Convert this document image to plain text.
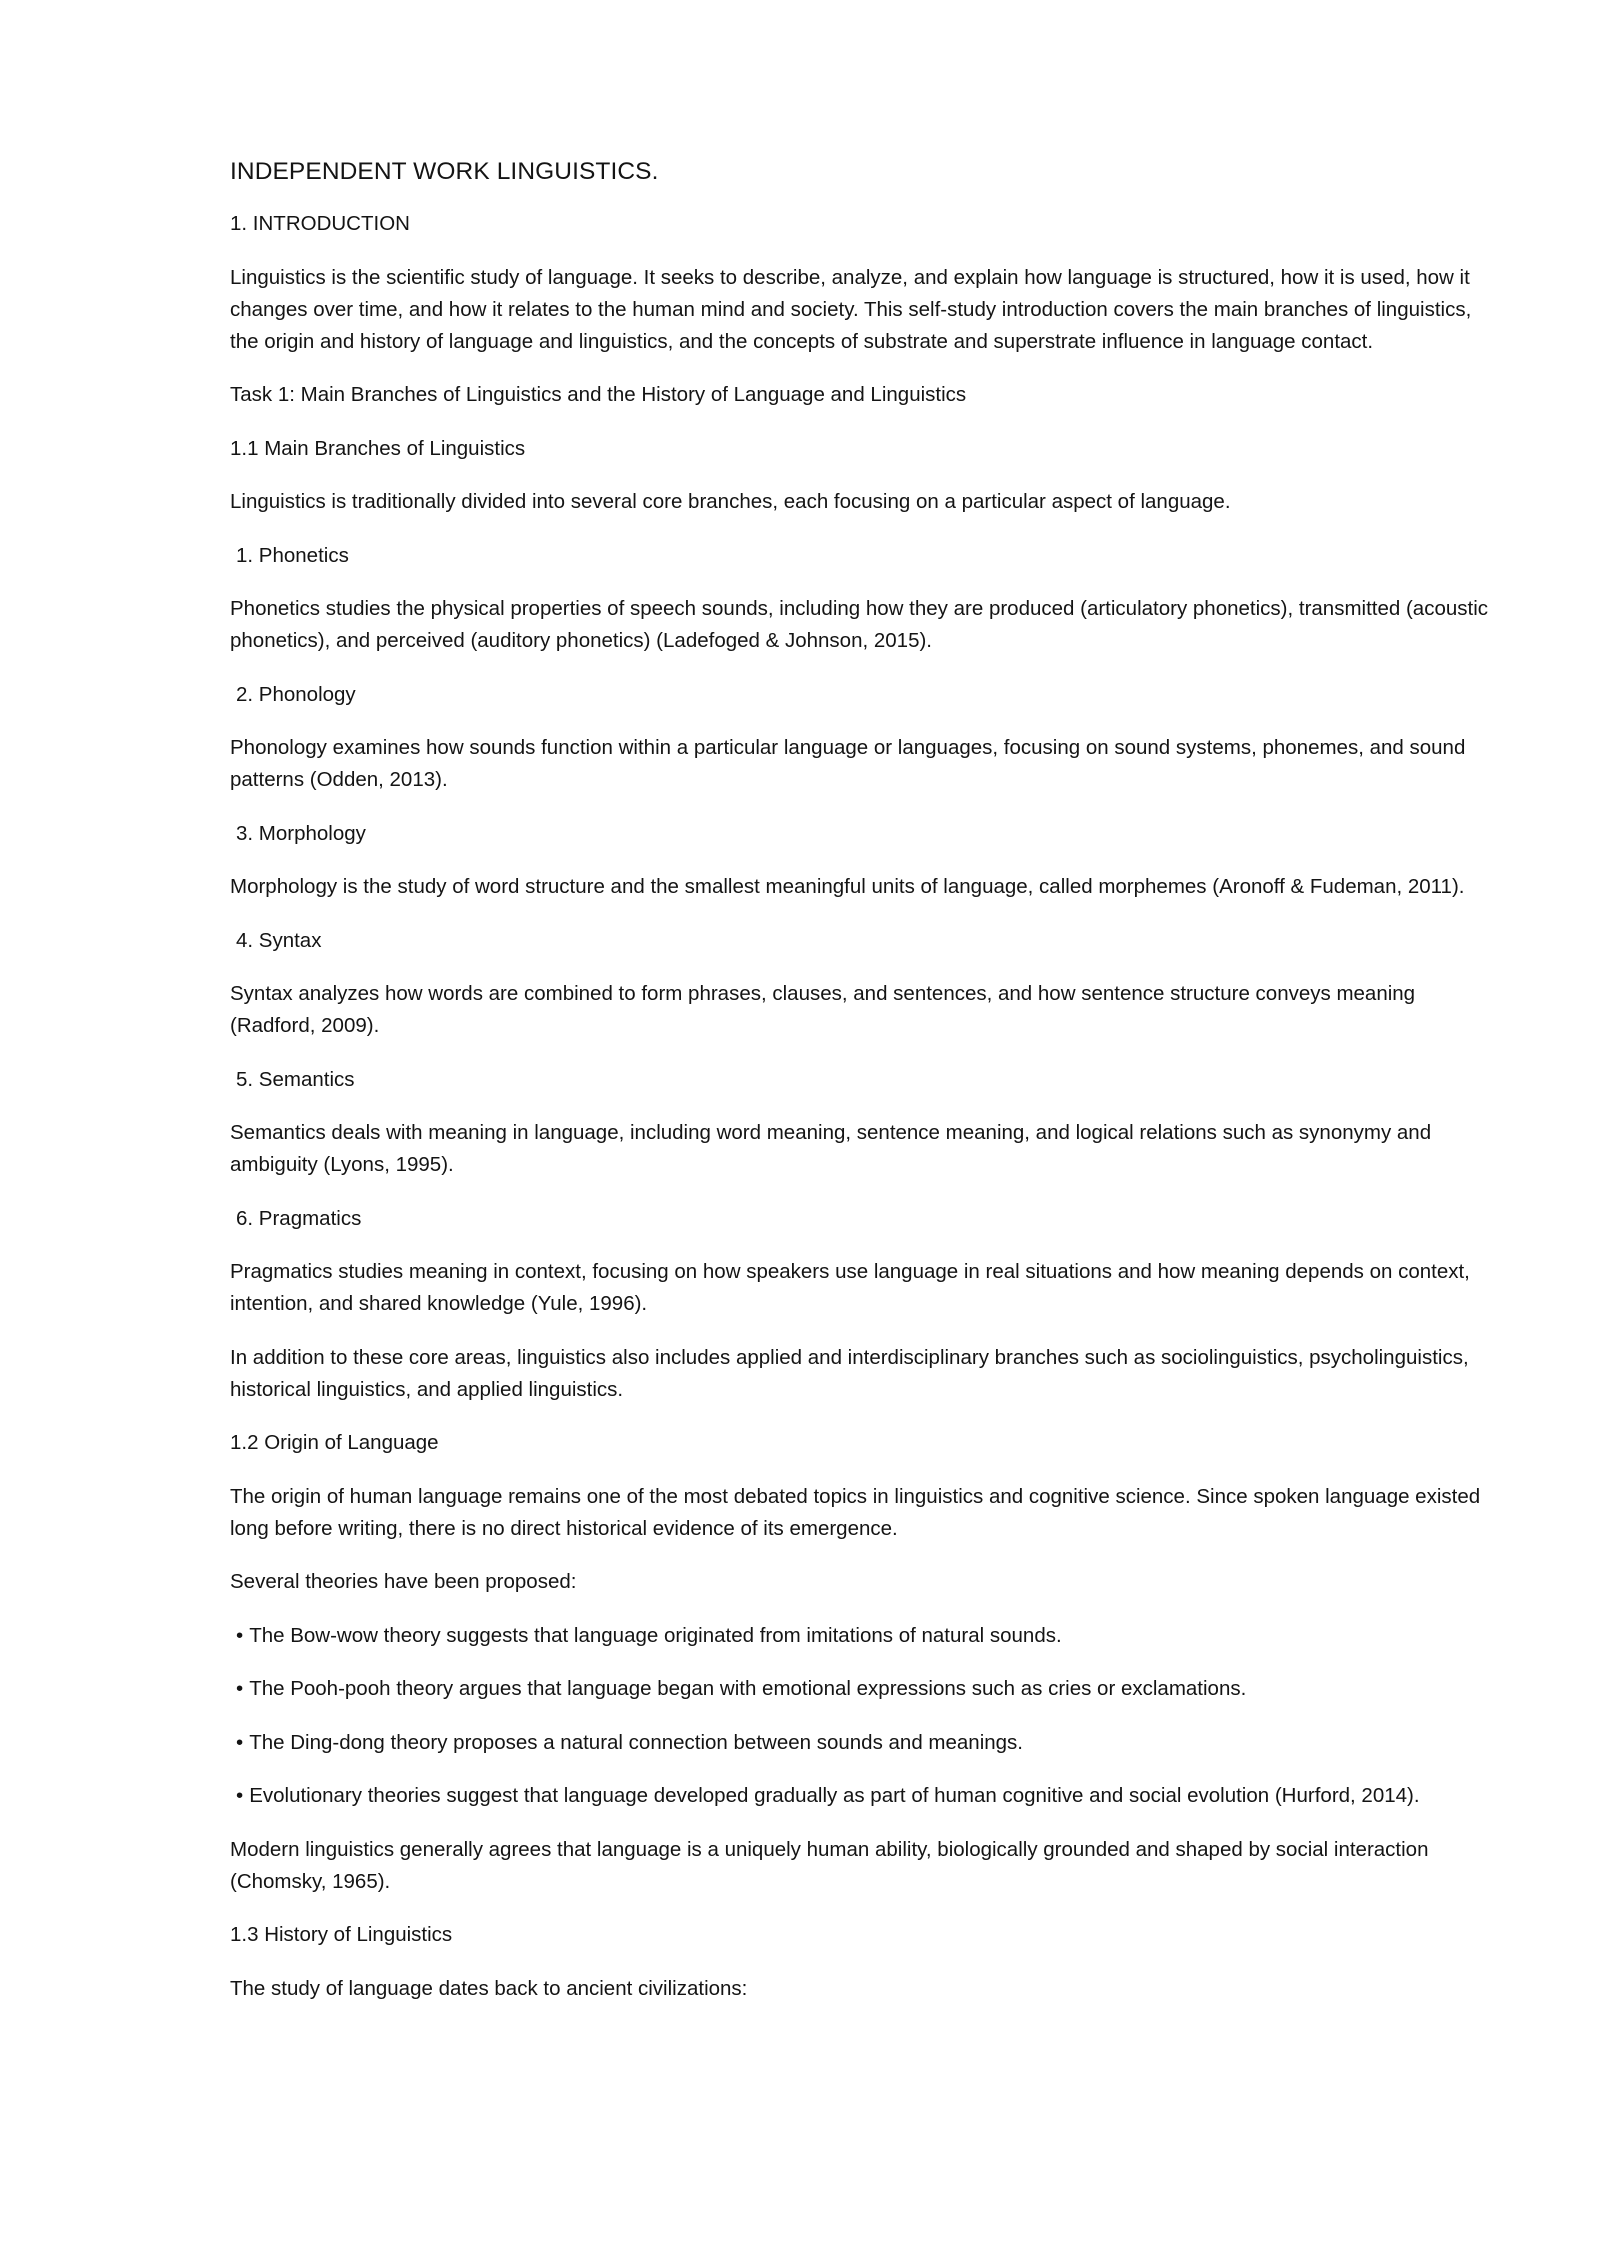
INDEPENDENT WORK LINGUISTICS.

1. INTRODUCTION

Linguistics is the scientific study of language. It seeks to describe, analyze, and explain how language is structured, how it is used, how it changes over time, and how it relates to the human mind and society. This self-study introduction covers the main branches of linguistics, the origin and history of language and linguistics, and the concepts of substrate and superstrate influence in language contact.

Task 1: Main Branches of Linguistics and the History of Language and Linguistics

1.1 Main Branches of Linguistics

Linguistics is traditionally divided into several core branches, each focusing on a particular aspect of language.

1. Phonetics

Phonetics studies the physical properties of speech sounds, including how they are produced (articulatory phonetics), transmitted (acoustic phonetics), and perceived (auditory phonetics) (Ladefoged & Johnson, 2015).

2. Phonology

Phonology examines how sounds function within a particular language or languages, focusing on sound systems, phonemes, and sound patterns (Odden, 2013).

3. Morphology

Morphology is the study of word structure and the smallest meaningful units of language, called morphemes (Aronoff & Fudeman, 2011).

4. Syntax

Syntax analyzes how words are combined to form phrases, clauses, and sentences, and how sentence structure conveys meaning (Radford, 2009).

5. Semantics

Semantics deals with meaning in language, including word meaning, sentence meaning, and logical relations such as synonymy and ambiguity (Lyons, 1995).

6. Pragmatics

Pragmatics studies meaning in context, focusing on how speakers use language in real situations and how meaning depends on context, intention, and shared knowledge (Yule, 1996).

In addition to these core areas, linguistics also includes applied and interdisciplinary branches such as sociolinguistics, psycholinguistics, historical linguistics, and applied linguistics.

1.2 Origin of Language

The origin of human language remains one of the most debated topics in linguistics and cognitive science. Since spoken language existed long before writing, there is no direct historical evidence of its emergence.

Several theories have been proposed:

• The Bow-wow theory suggests that language originated from imitations of natural sounds.

• The Pooh-pooh theory argues that language began with emotional expressions such as cries or exclamations.

• The Ding-dong theory proposes a natural connection between sounds and meanings.

• Evolutionary theories suggest that language developed gradually as part of human cognitive and social evolution (Hurford, 2014).

Modern linguistics generally agrees that language is a uniquely human ability, biologically grounded and shaped by social interaction (Chomsky, 1965).

1.3 History of Linguistics

The study of language dates back to ancient civilizations:
